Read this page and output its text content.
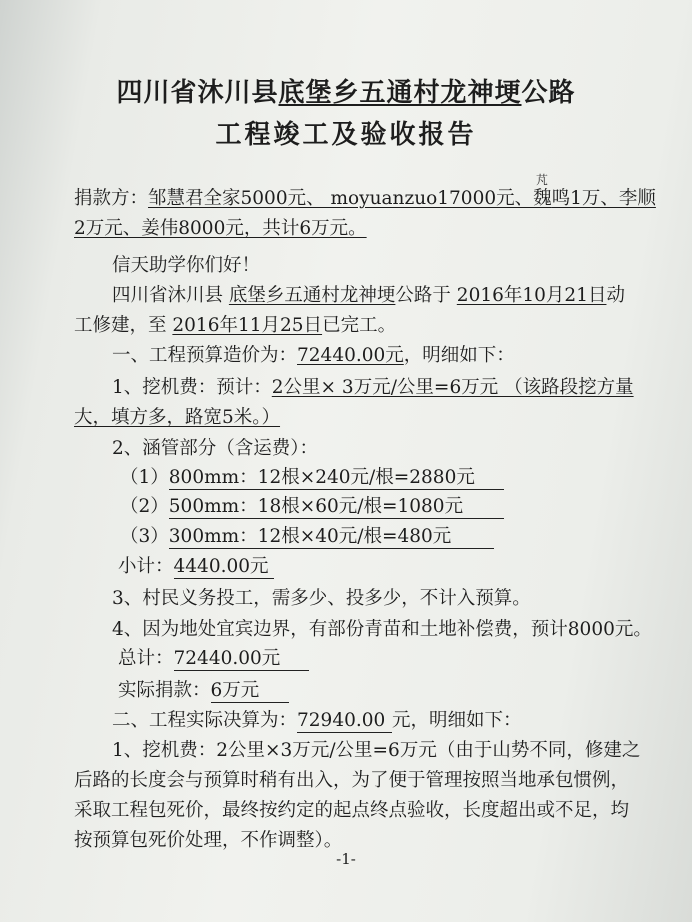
四川省沐川县底堡乡五通村龙神埂公路
工程竣工及验收报告
捐款方：邹慧君全家5000元、 moyuanzuo17000元、魏鸣1万、李顺
芃
2万元、姜伟8000元，共计6万元。
信天助学你们好！
四川省沐川县 底堡乡五通村龙神埂公路于 2016年10月21日动
工修建，至 2016年11月25日已完工。
一、工程预算造价为：72440.00元，明细如下：
1、挖机费：预计：2公里× 3万元/公里=6万元 （该路段挖方量
大，填方多，路宽5米。）
2、涵管部分（含运费）：
（1）800mm：12根×240元/根=2880元
（2）500mm：18根×60元/根=1080元
（3）300mm：12根×40元/根=480元
小计：4440.00元
3、村民义务投工，需多少、投多少，不计入预算。
4、因为地处宜宾边界，有部份青苗和土地补偿费，预计8000元。
总计：72440.00元
实际捐款：6万元
二、工程实际决算为：72940.00元，明细如下：
1、挖机费：2公里×3万元/公里=6万元（由于山势不同，修建之
后路的长度会与预算时稍有出入，为了便于管理按照当地承包惯例，
采取工程包死价，最终按约定的起点终点验收，长度超出或不足，均
按预算包死价处理，不作调整）。
-1-
